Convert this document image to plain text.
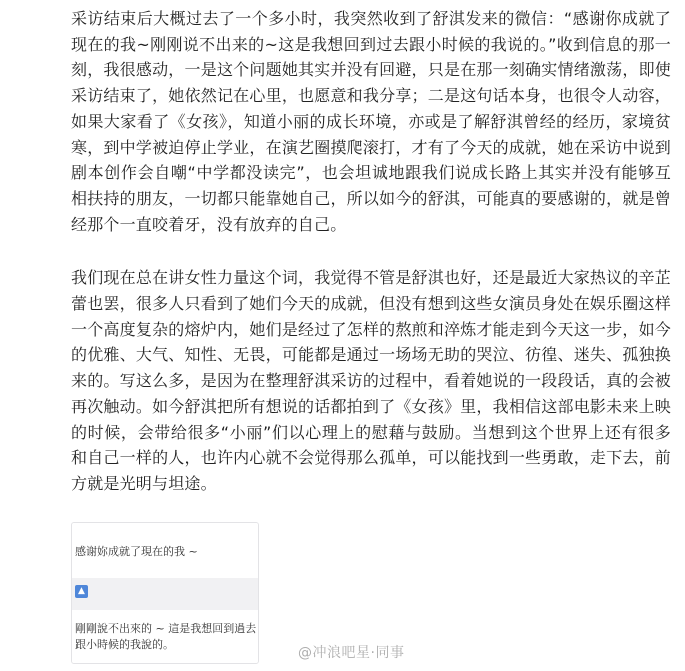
采访结束后大概过去了一个多小时，我突然收到了舒淇发来的微信：“感谢你成就了现在的我~刚刚说不出来的~这是我想回到过去跟小时候的我说的。”收到信息的那一刻，我很感动，一是这个问题她其实并没有回避，只是在那一刻确实情绪激荡，即使采访结束了，她依然记在心里，也愿意和我分享；二是这句话本身，也很令人动容，如果大家看了《女孩》，知道小丽的成长环境，亦或是了解舒淇曾经的经历，家境贫寒，到中学被迫停止学业，在演艺圈摸爬滚打，才有了今天的成就，她在采访中说到剧本创作会自嘲“中学都没读完”，也会坦诚地跟我们说成长路上其实并没有能够互相扶持的朋友，一切都只能靠她自己，所以如今的舒淇，可能真的要感谢的，就是曾经那个一直咬着牙，没有放弃的自己。

我们现在总在讲女性力量这个词，我觉得不管是舒淇也好，还是最近大家热议的辛芷蕾也罢，很多人只看到了她们今天的成就，但没有想到这些女演员身处在娱乐圈这样一个高度复杂的熔炉内，她们是经过了怎样的熬煎和淬炼才能走到今天这一步，如今的优雅、大气、知性、无畏，可能都是通过一场场无助的哭泣、彷徨、迷失、孤独换来的。写这么多，是因为在整理舒淇采访的过程中，看着她说的一段段话，真的会被再次触动。如今舒淇把所有想说的话都拍到了《女孩》里，我相信这部电影未来上映的时候，会带给很多“小丽”们以心理上的慰藉与鼓励。当想到这个世界上还有很多和自己一样的人，也许内心就不会觉得那么孤单，可以能找到一些勇敢，走下去，前方就是光明与坦途。

感谢妳成就了現在的我 ~
▲
剛剛說不出來的 ~ 這是我想回到過去跟小時候的我說的。
@冲浪吧星·同事
